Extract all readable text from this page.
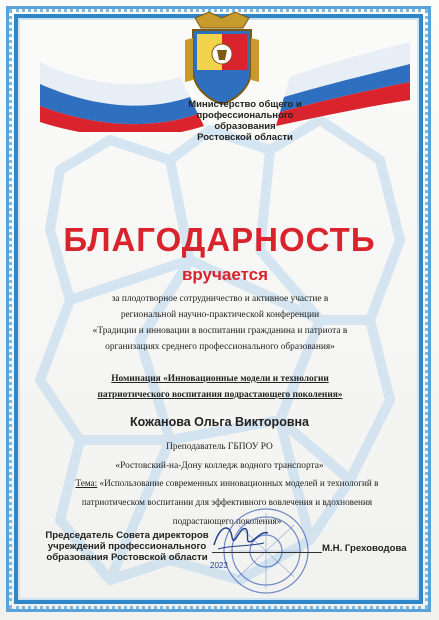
Министерство общего и
профессионального образования
Ростовской области
БЛАГОДАРНОСТЬ
вручается
за плодотворное сотрудничество и активное участие в
региональной научно-практической конференции
«Традиции и инновации в воспитании гражданина и патриота в
организациях среднего профессионального образования»
Номинация «Инновационные модели и технологии
патриотического воспитания подрастающего поколения»
Кожанова Ольга Викторовна
Преподаватель ГБПОУ РО
«Ростовский-на-Дону колледж водного транспорта»
Тема: «Использование современных инновационных моделей и технологий в
патриотическом воспитании для эффективного вовлечения и вдохновения
подрастающего поколения»
2023
Председатель Совета директоров
учреждений профессионального
образования Ростовской области
М.Н. Греховодова
